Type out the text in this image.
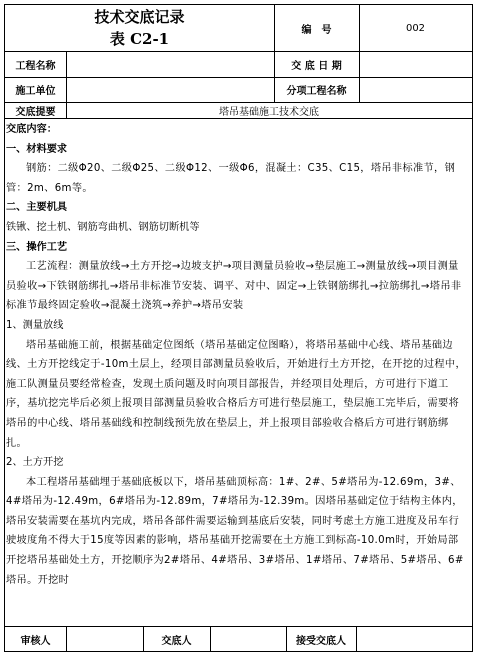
技术交底记录
表 C2-1	编　号	002
工程名称	交 底 日 期
施工单位	分项工程名称
交底提要	塔吊基础施工技术交底

交底内容：

一、材料要求

钢筋：二级Φ20、二级Φ25、二级Φ12、一级Φ6，混凝土：C35、C15，塔吊非标准节，钢管：2m、6m等。

二、主要机具

铁锹、挖土机、钢筋弯曲机、钢筋切断机等

三、操作工艺

工艺流程：测量放线→土方开挖→边坡支护→项目测量员验收→垫层施工→测量放线→项目测量员验收→下铁钢筋绑扎→塔吊非标准节安装、调平、对中、固定→上铁钢筋绑扎→拉筋绑扎→塔吊非标准节最终固定验收→混凝土浇筑→养护→塔吊安装

1、测量放线

塔吊基础施工前，根据基础定位图纸（塔吊基础定位图略），将塔吊基础中心线、塔吊基础边线、土方开挖线定于-10m土层上，经项目部测量员验收后，开始进行土方开挖，在开挖的过程中，施工队测量员要经常检查，发现土质问题及时向项目部报告，并经项目处理后，方可进行下道工序，基坑挖完毕后必须上报项目部测量员验收合格后方可进行垫层施工，垫层施工完毕后，需要将塔吊的中心线、塔吊基础线和控制线预先放在垫层上，并上报项目部验收合格后方可进行钢筋绑扎。

2、土方开挖

本工程塔吊基础埋于基础底板以下，塔吊基础顶标高：1#、2#、5#塔吊为-12.69m，3#、4#塔吊为-12.49m，6#塔吊为-12.89m，7#塔吊为-12.39m。因塔吊基础定位于结构主体内，塔吊安装需要在基坑内完成，塔吊各部件需要运输到基底后安装，同时考虑土方施工进度及吊车行驶坡度角不得大于15度等因素的影响，塔吊基础开挖需要在土方施工到标高-10.0m时，开始局部开挖塔吊基础处土方，开挖顺序为2#塔吊、4#塔吊、3#塔吊、1#塔吊、7#塔吊、5#塔吊、6#塔吊。开挖时

审核人	交底人	接受交底人
